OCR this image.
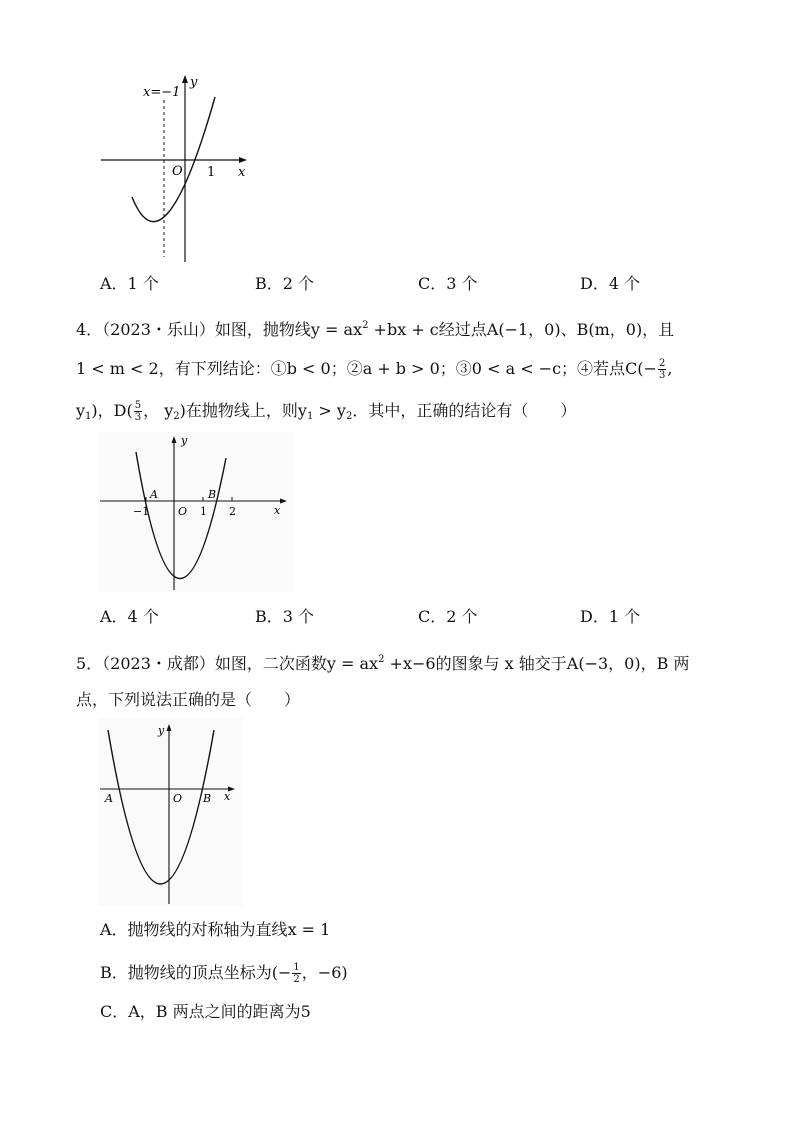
x=−1
y
O 1 x
A．1 个	B．2 个	C．3 个	D．4 个
4．（2023・乐山）如图，抛物线$y = ax^2 +bx + c$经过点A(−1，0)、B(m，0)，且
1 < m < 2，有下列结论：①b < 0；②a + b > 0；③0 < a < −c；④若点$C(- \frac{2}{3}$ ,
$y_1$)，$D( \frac{5}{3}$ ， $y_2$)在抛物线上，则$y_1 > y_2$．其中，正确的结论有（　　）
y
A
−1	O 1
B
2	x
A．4 个	B．3 个	C．2 个	D．1 个
5．（2023・成都）如图，二次函数$y = ax^2 +x-6$的图象与 x 轴交于A(−3，0)，B 两
点，下列说法正确的是（　　）
y
A	O B x
A．抛物线的对称轴为直线x = 1
B．抛物线的顶点坐标为(− $\frac{1}{2}$ ，−6)
C．A，B 两点之间的距离为5
